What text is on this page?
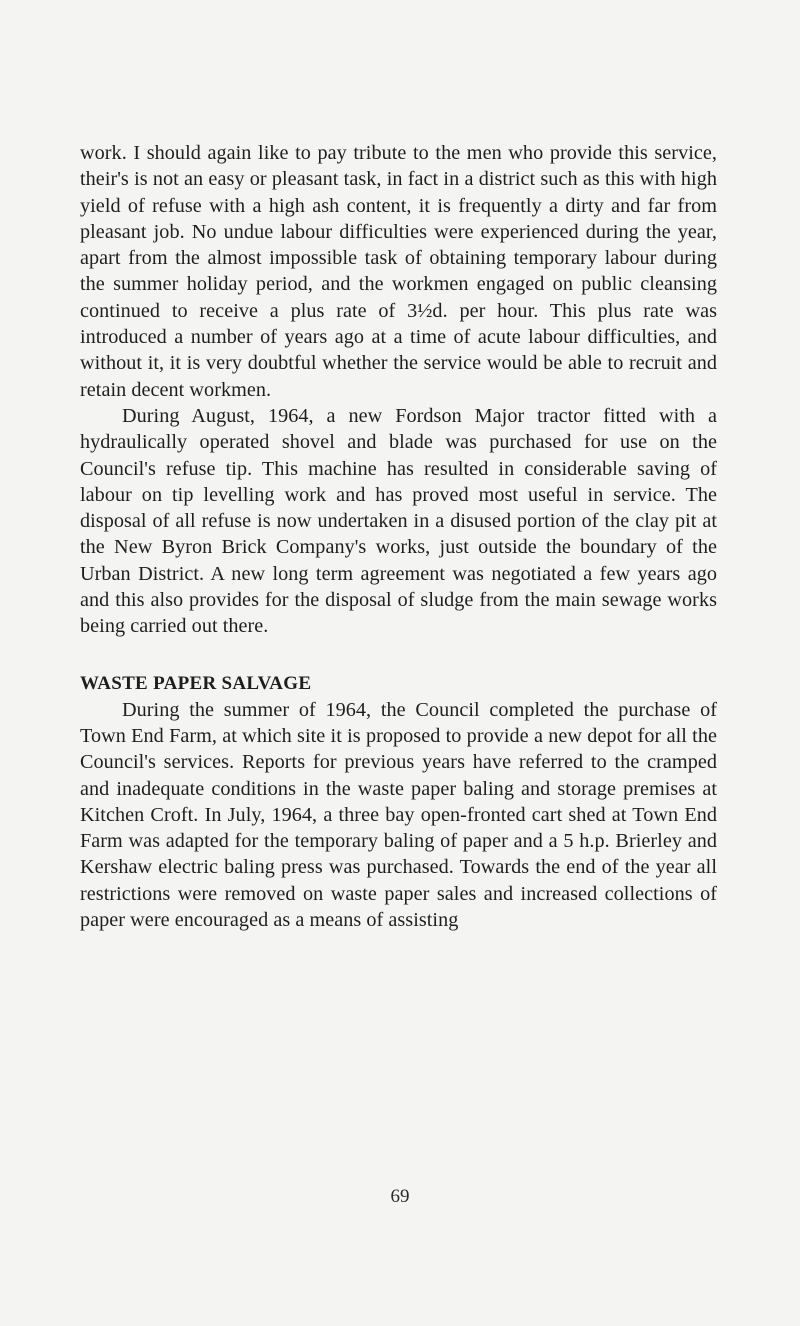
work. I should again like to pay tribute to the men who provide this service, their's is not an easy or pleasant task, in fact in a district such as this with high yield of refuse with a high ash content, it is frequently a dirty and far from pleasant job. No undue labour difficulties were experienced during the year, apart from the almost impossible task of obtaining temporary labour during the summer holiday period, and the workmen engaged on public cleansing continued to receive a plus rate of 3½d. per hour. This plus rate was introduced a number of years ago at a time of acute labour difficulties, and without it, it is very doubtful whether the service would be able to recruit and retain decent workmen.

During August, 1964, a new Fordson Major tractor fitted with a hydraulically operated shovel and blade was purchased for use on the Council's refuse tip. This machine has resulted in considerable saving of labour on tip levelling work and has proved most useful in service. The disposal of all refuse is now undertaken in a disused portion of the clay pit at the New Byron Brick Company's works, just outside the boundary of the Urban District. A new long term agreement was negotiated a few years ago and this also provides for the disposal of sludge from the main sewage works being carried out there.

WASTE PAPER SALVAGE

During the summer of 1964, the Council completed the purchase of Town End Farm, at which site it is proposed to provide a new depot for all the Council's services. Reports for previous years have referred to the cramped and inadequate conditions in the waste paper baling and storage premises at Kitchen Croft. In July, 1964, a three bay open-fronted cart shed at Town End Farm was adapted for the temporary baling of paper and a 5 h.p. Brierley and Kershaw electric baling press was purchased. Towards the end of the year all restrictions were removed on waste paper sales and increased collections of paper were encouraged as a means of assisting

69
